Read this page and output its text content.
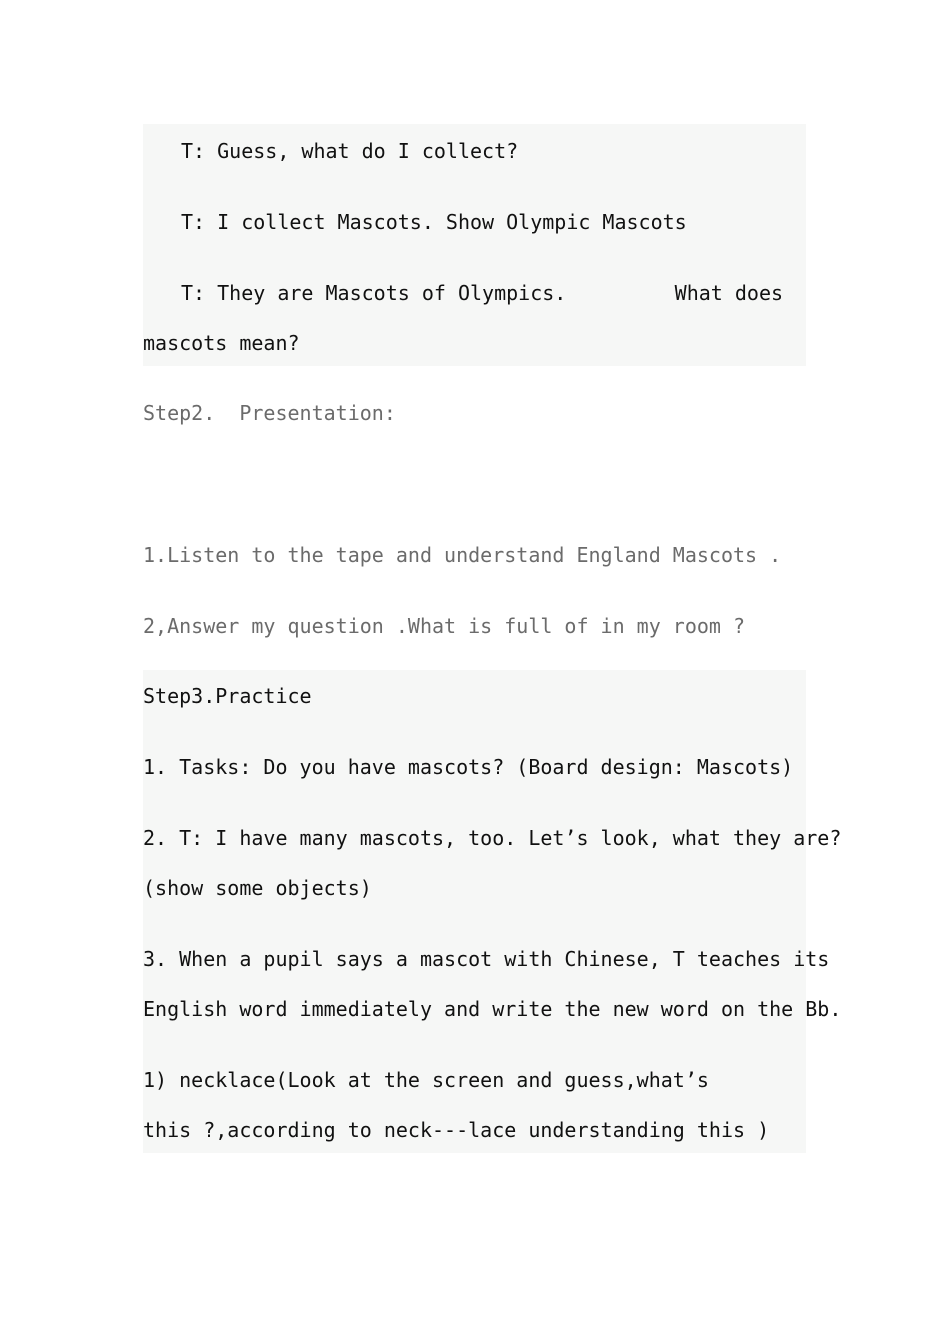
T: Guess, what do I collect?
T: I collect Mascots. Show Olympic Mascots
T: They are Mascots of Olympics.         What does
mascots mean?
Step2.  Presentation:
1.Listen to the tape and understand England Mascots .
2,Answer my question .What is full of in my room ?
Step3.Practice
1. Tasks: Do you have mascots? (Board design: Mascots)
2. T: I have many mascots, too. Let’s look, what they are?
(show some objects)
3. When a pupil says a mascot with Chinese, T teaches its
English word immediately and write the new word on the Bb.
1) necklace(Look at the screen and guess,what’s
this ?,according to neck---lace understanding this )
